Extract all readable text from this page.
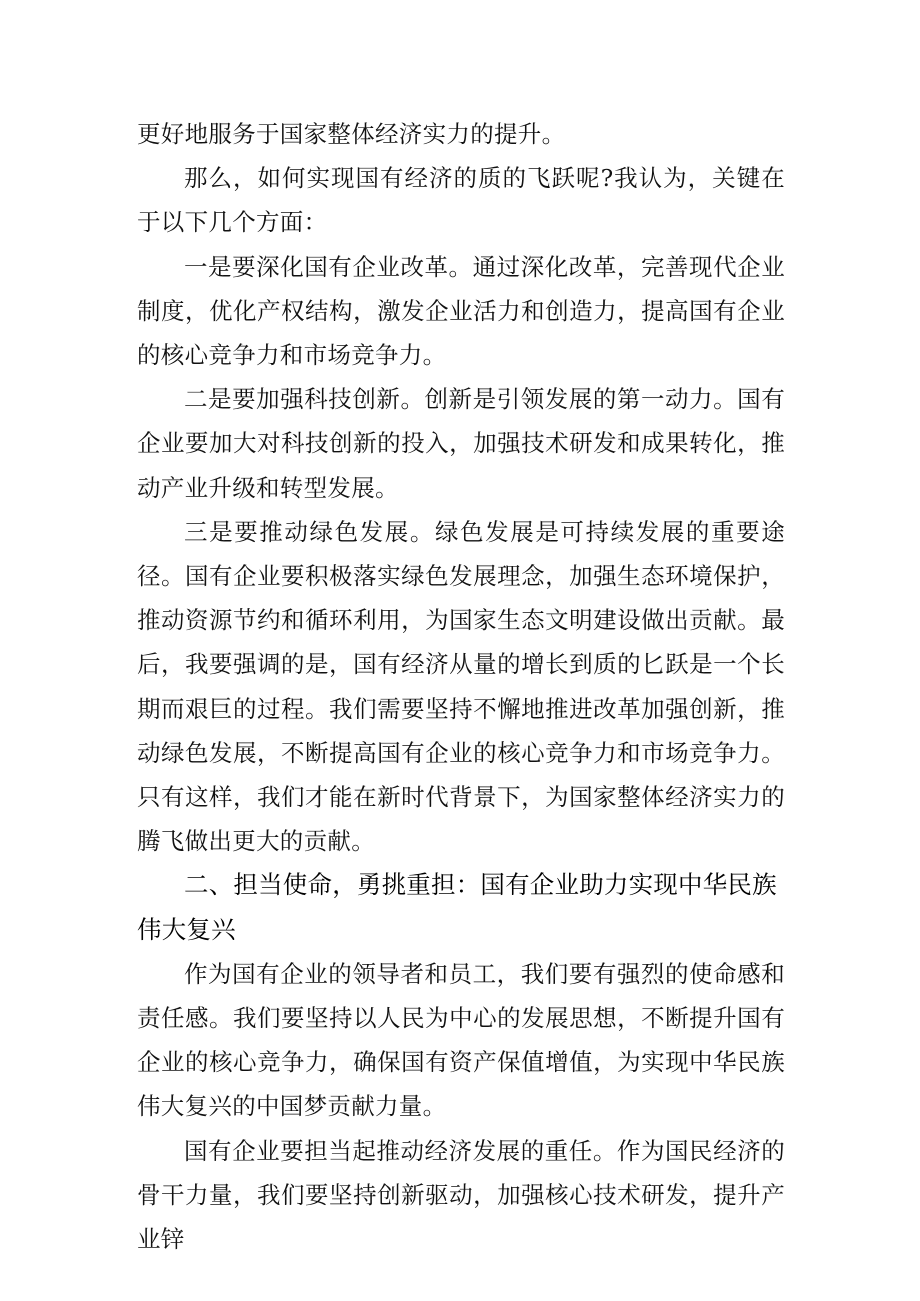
更好地服务于国家整体经济实力的提升。

那么，如何实现国有经济的质的飞跃呢?我认为，关键在于以下几个方面：

一是要深化国有企业改革。通过深化改革，完善现代企业制度，优化产权结构，激发企业活力和创造力，提高国有企业的核心竞争力和市场竞争力。

二是要加强科技创新。创新是引领发展的第一动力。国有企业要加大对科技创新的投入，加强技术研发和成果转化，推动产业升级和转型发展。

三是要推动绿色发展。绿色发展是可持续发展的重要途径。国有企业要积极落实绿色发展理念，加强生态环境保护，推动资源节约和循环利用，为国家生态文明建设做出贡献。最后，我要强调的是，国有经济从量的增长到质的匕跃是一个长期而艰巨的过程。我们需要坚持不懈地推进改革加强创新，推动绿色发展，不断提高国有企业的核心竞争力和市场竞争力。只有这样，我们才能在新时代背景下，为国家整体经济实力的腾飞做出更大的贡献。

二、担当使命，勇挑重担：国有企业助力实现中华民族伟大复兴

作为国有企业的领导者和员工，我们要有强烈的使命感和责任感。我们要坚持以人民为中心的发展思想，不断提升国有企业的核心竞争力，确保国有资产保值增值，为实现中华民族伟大复兴的中国梦贡献力量。

国有企业要担当起推动经济发展的重任。作为国民经济的骨干力量，我们要坚持创新驱动，加强核心技术研发，提升产业锌
